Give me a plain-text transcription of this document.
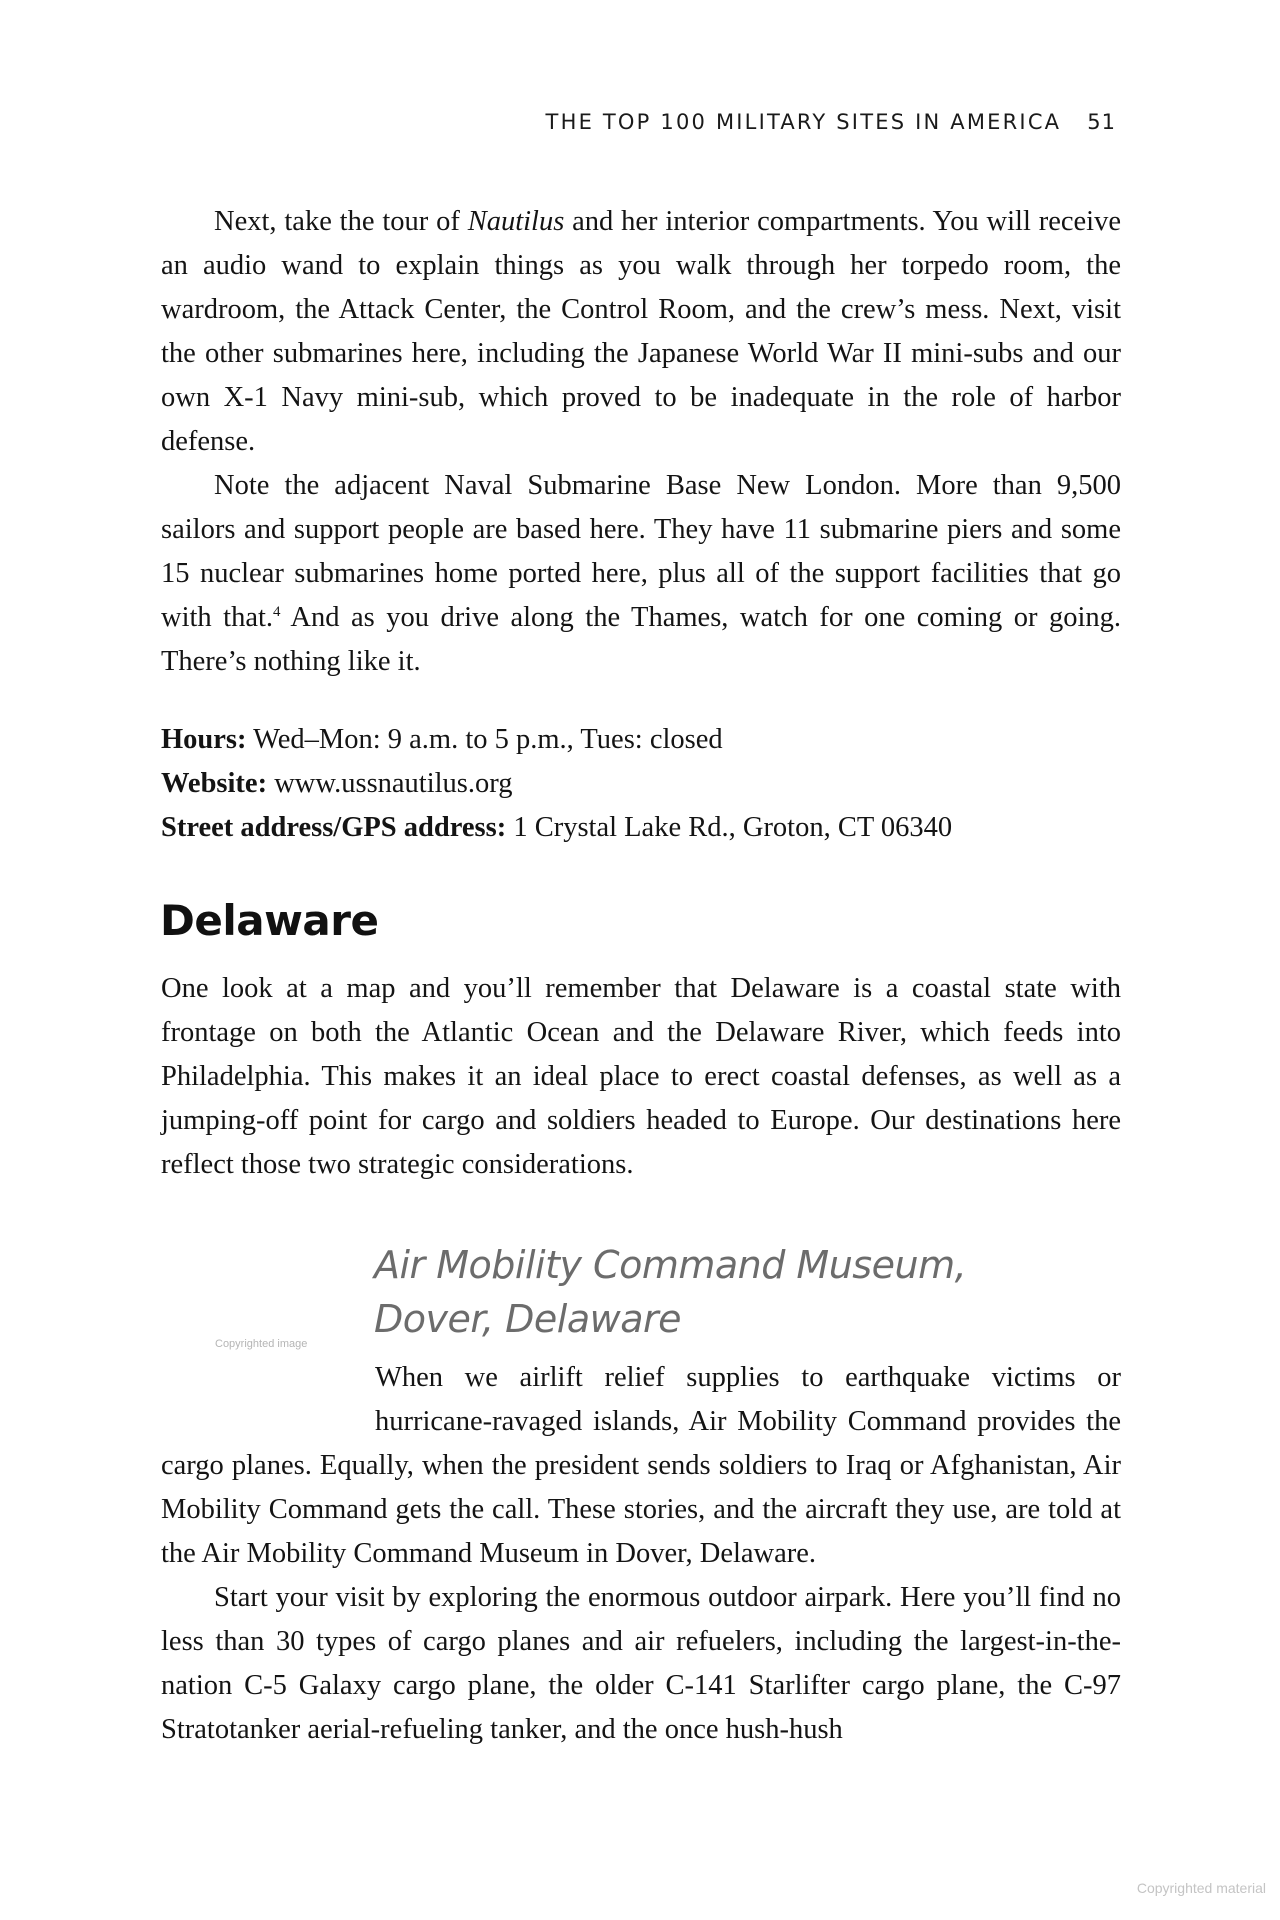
THE TOP 100 MILITARY SITES IN AMERICA 51

Next, take the tour of Nautilus and her interior compartments. You will receive an audio wand to explain things as you walk through her torpedo room, the wardroom, the Attack Center, the Control Room, and the crew’s mess. Next, visit the other submarines here, including the Japanese World War II mini-subs and our own X-1 Navy mini-sub, which proved to be inadequate in the role of harbor defense.

Note the adjacent Naval Submarine Base New London. More than 9,500 sailors and support people are based here. They have 11 submarine piers and some 15 nuclear submarines home ported here, plus all of the support facilities that go with that.$^4$ And as you drive along the Thames, watch for one coming or going. There’s nothing like it.

Hours: Wed–Mon: 9 a.m. to 5 p.m., Tues: closed
Website: www.ussnautilus.org
Street address/GPS address: 1 Crystal Lake Rd., Groton, CT 06340
Delaware

One look at a map and you’ll remember that Delaware is a coastal state with frontage on both the Atlantic Ocean and the Delaware River, which feeds into Philadelphia. This makes it an ideal place to erect coastal defenses, as well as a jumping-off point for cargo and soldiers headed to Europe. Our destinations here reflect those two strategic considerations.

Copyrighted image
Air Mobility Command Museum,
Dover, Delaware

When we airlift relief supplies to earthquake victims or hurricane-ravaged islands, Air Mobility Command provides the cargo planes. Equally, when the president sends soldiers to Iraq or Afghanistan, Air Mobility Command gets the call. These stories, and the aircraft they use, are told at the Air Mobility Command Museum in Dover, Delaware.

Start your visit by exploring the enormous outdoor airpark. Here you’ll find no less than 30 types of cargo planes and air refuelers, including the largest-in-the-nation C-5 Galaxy cargo plane, the older C-141 Starlifter cargo plane, the C-97 Stratotanker aerial-refueling tanker, and the once hush-hush

Copyrighted material
